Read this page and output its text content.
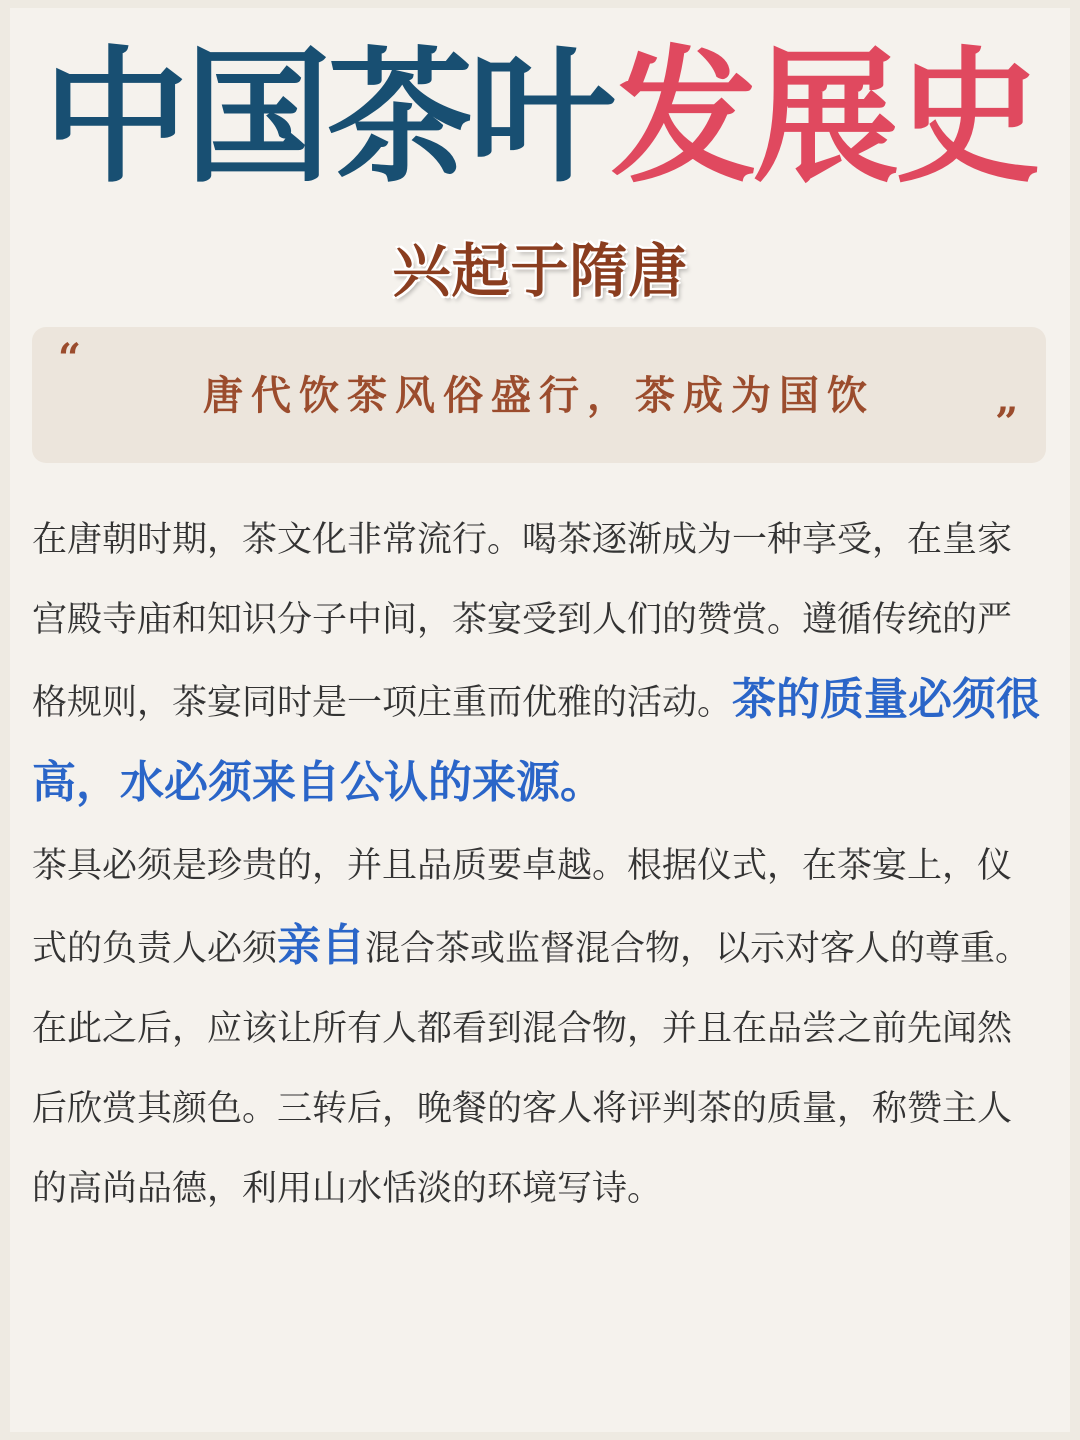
中国茶叶发展史
兴起于隋唐
“
唐代饮茶风俗盛行，茶成为国饮
”

在唐朝时期，茶文化非常流行。喝茶逐渐成为一种享受，在皇家宫殿寺庙和知识分子中间，茶宴受到人们的赞赏。遵循传统的严格规则，茶宴同时是一项庄重而优雅的活动。茶的质量必须很高，水必须来自公认的来源。

茶具必须是珍贵的，并且品质要卓越。根据仪式，在茶宴上，仪式的负责人必须亲自混合茶或监督混合物，以示对客人的尊重。

在此之后，应该让所有人都看到混合物，并且在品尝之前先闻然后欣赏其颜色。三转后，晚餐的客人将评判茶的质量，称赞主人的高尚品德，利用山水恬淡的环境写诗。
